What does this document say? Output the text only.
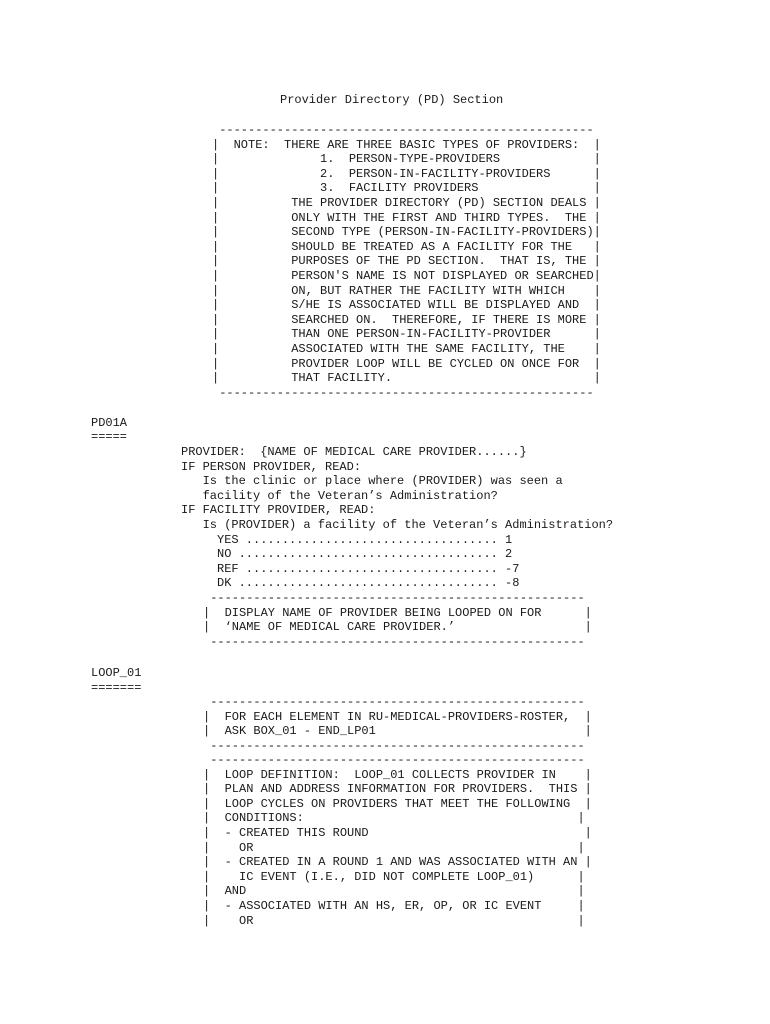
Provider Directory (PD) Section
----------------------------------------------------
|  NOTE:  THERE ARE THREE BASIC TYPES OF PROVIDERS:  |
|              1.  PERSON-TYPE-PROVIDERS             |
|              2.  PERSON-IN-FACILITY-PROVIDERS      |
|              3.  FACILITY PROVIDERS                |
|          THE PROVIDER DIRECTORY (PD) SECTION DEALS |
|          ONLY WITH THE FIRST AND THIRD TYPES.  THE |
|          SECOND TYPE (PERSON-IN-FACILITY-PROVIDERS)|
|          SHOULD BE TREATED AS A FACILITY FOR THE   |
|          PURPOSES OF THE PD SECTION.  THAT IS, THE |
|          PERSON'S NAME IS NOT DISPLAYED OR SEARCHED|
|          ON, BUT RATHER THE FACILITY WITH WHICH    |
|          S/HE IS ASSOCIATED WILL BE DISPLAYED AND  |
|          SEARCHED ON.  THEREFORE, IF THERE IS MORE |
|          THAN ONE PERSON-IN-FACILITY-PROVIDER      |
|          ASSOCIATED WITH THE SAME FACILITY, THE    |
|          PROVIDER LOOP WILL BE CYCLED ON ONCE FOR  |
|          THAT FACILITY.                            |
----------------------------------------------------
PD01A
=====
PROVIDER:  {NAME OF MEDICAL CARE PROVIDER......}
IF PERSON PROVIDER, READ:
Is the clinic or place where (PROVIDER) was seen a
facility of the Veteran’s Administration?
IF FACILITY PROVIDER, READ:
Is (PROVIDER) a facility of the Veteran’s Administration?
YES ................................... 1
NO .................................... 2
REF ................................... -7
DK .................................... -8
----------------------------------------------------
|  DISPLAY NAME OF PROVIDER BEING LOOPED ON FOR      |
|  ‘NAME OF MEDICAL CARE PROVIDER.’                  |
----------------------------------------------------
LOOP_01
=======
----------------------------------------------------
|  FOR EACH ELEMENT IN RU-MEDICAL-PROVIDERS-ROSTER,  |
|  ASK BOX_01 - END_LP01                             |
----------------------------------------------------
----------------------------------------------------
|  LOOP DEFINITION:  LOOP_01 COLLECTS PROVIDER IN    |
|  PLAN AND ADDRESS INFORMATION FOR PROVIDERS.  THIS |
|  LOOP CYCLES ON PROVIDERS THAT MEET THE FOLLOWING  |
|  CONDITIONS:                                      |
|  - CREATED THIS ROUND                              |
|    OR                                             |
|  - CREATED IN A ROUND 1 AND WAS ASSOCIATED WITH AN |
|    IC EVENT (I.E., DID NOT COMPLETE LOOP_01)      |
|  AND                                              |
|  - ASSOCIATED WITH AN HS, ER, OP, OR IC EVENT     |
|    OR                                             |
